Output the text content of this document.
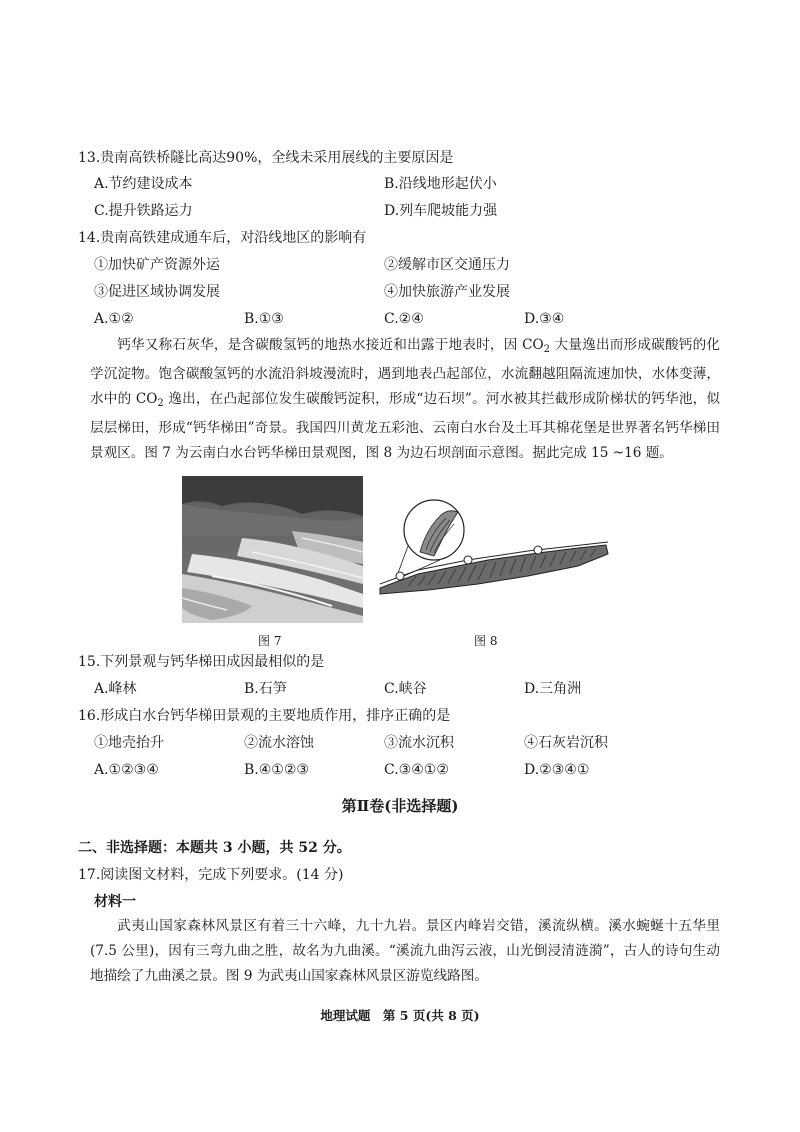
13.贵南高铁桥隧比高达90%，全线未采用展线的主要原因是
A.节约建设成本	B.沿线地形起伏小
C.提升铁路运力	D.列车爬坡能力强
14.贵南高铁建成通车后，对沿线地区的影响有
①加快矿产资源外运	②缓解市区交通压力
③促进区域协调发展	④加快旅游产业发展
A.①②	B.①③	C.②④	D.③④
钙华又称石灰华，是含碳酸氢钙的地热水接近和出露于地表时，因 $CO_2$ 大量逸出而形成碳酸钙的化学沉淀物。饱含碳酸氢钙的水流沿斜坡漫流时，遇到地表凸起部位，水流翻越阻隔流速加快，水体变薄，水中的 $CO_2$ 逸出，在凸起部位发生碳酸钙淀积，形成“边石坝”。河水被其拦截形成阶梯状的钙华池，似层层梯田，形成“钙华梯田”奇景。我国四川黄龙五彩池、云南白水台及土耳其棉花堡是世界著名钙华梯田景观区。图 7 为云南白水台钙华梯田景观图，图 8 为边石坝剖面示意图。据此完成 15 ~16 题。
图 7	图 8
15.下列景观与钙华梯田成因最相似的是
A.峰林	B.石笋	C.峡谷	D.三角洲
16.形成白水台钙华梯田景观的主要地质作用，排序正确的是
①地壳抬升	②流水溶蚀	③流水沉积	④石灰岩沉积
A.①②③④	B.④①②③	C.③④①②	D.②③④①
第Ⅱ卷(非选择题)
二、非选择题：本题共 3 小题，共 52 分。
17.阅读图文材料，完成下列要求。(14 分)
材料一
武夷山国家森林风景区有着三十六峰，九十九岩。景区内峰岩交错，溪流纵横。溪水蜿蜒十五华里(7.5 公里)，因有三弯九曲之胜，故名为九曲溪。“溪流九曲泻云液，山光倒浸清涟漪”，古人的诗句生动地描绘了九曲溪之景。图 9 为武夷山国家森林风景区游览线路图。
地理试题　第 5 页(共 8 页)
